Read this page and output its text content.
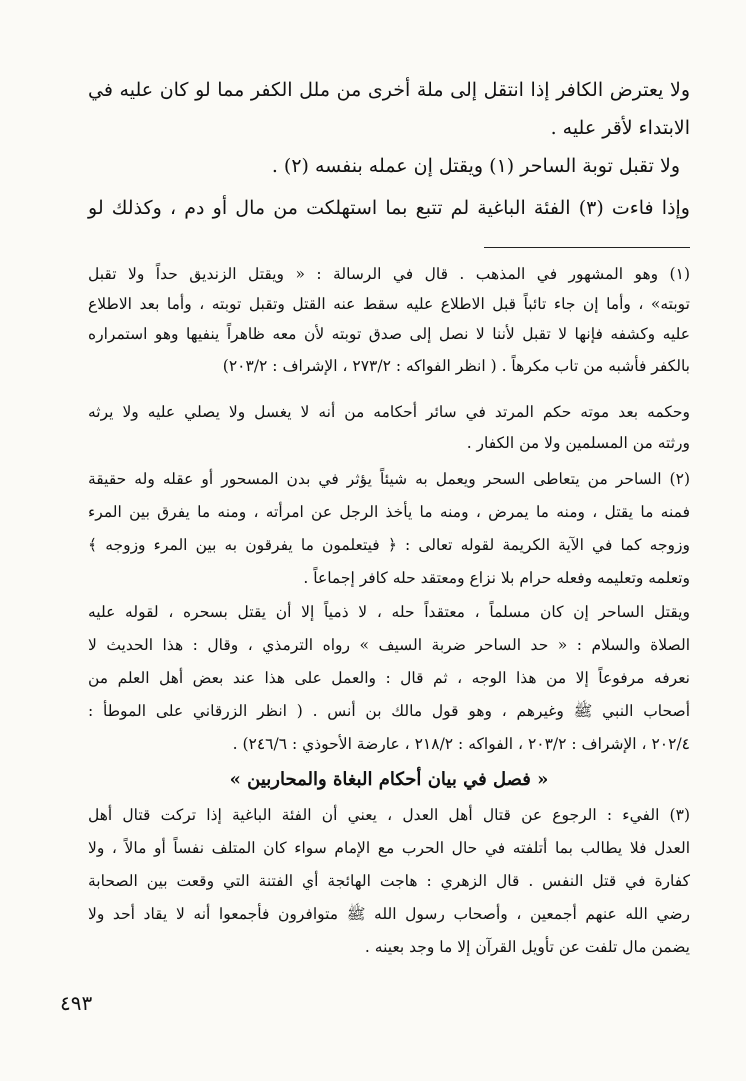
ولا يعترض الكافر إذا انتقل إلى ملة أخرى من ملل الكفر مما لو كان عليه في
الابتداء لأقر عليه .
ولا تقبل توبة الساحر (١) ويقتل إن عمله بنفسه (٢) .
وإذا فاءت (٣) الفئة الباغية لم تتبع بما استهلكت من مال أو دم ، وكذلك لو
(١) وهو المشهور في المذهب . قال في الرسالة : « ويقتل الزنديق حداً ولا تقبل
توبته» ، وأما إن جاء تائباً قبل الاطلاع عليه سقط عنه القتل وتقبل توبته ، وأما بعد الاطلاع
عليه وكشفه فإنها لا تقبل لأننا لا نصل إلى صدق توبته لأن معه ظاهراً ينفيها وهو استمراره
بالكفر فأشبه من تاب مكرهاً . ( انظر الفواكه : ٢٧٣/٢ ، الإشراف : ٢٠٣/٢)
وحكمه بعد موته حكم المرتد في سائر أحكامه من أنه لا يغسل ولا يصلي عليه ولا يرثه
ورثته من المسلمين ولا من الكفار .
(٢) الساحر من يتعاطى السحر ويعمل به شيئاً يؤثر في بدن المسحور أو عقله وله حقيقة
فمنه ما يقتل ، ومنه ما يمرض ، ومنه ما يأخذ الرجل عن امرأته ، ومنه ما يفرق بين المرء
وزوجه كما في الآية الكريمة لقوله تعالى : ﴿ فيتعلمون ما يفرقون به بين المرء وزوجه ﴾
وتعلمه وتعليمه وفعله حرام بلا نزاع ومعتقد حله كافر إجماعاً .
ويقتل الساحر إن كان مسلماً ، معتقداً حله ، لا ذمياً إلا أن يقتل بسحره ، لقوله عليه
الصلاة والسلام : « حد الساحر ضربة السيف » رواه الترمذي ، وقال : هذا الحديث لا
نعرفه مرفوعاً إلا من هذا الوجه ، ثم قال : والعمل على هذا عند بعض أهل العلم من
أصحاب النبي ﷺ وغيرهم ، وهو قول مالك بن أنس . ( انظر الزرقاني على الموطأ :
٢٠٢/٤ ، الإشراف : ٢٠٣/٢ ، الفواكه : ٢١٨/٢ ، عارضة الأحوذي : ٢٤٦/٦) .
« فصل في بيان أحكام البغاة والمحاربين »
(٣) الفيء : الرجوع عن قتال أهل العدل ، يعني أن الفئة الباغية إذا تركت قتال أهل
العدل فلا يطالب بما أتلفته في حال الحرب مع الإمام سواء كان المتلف نفساً أو مالاً ، ولا
كفارة في قتل النفس . قال الزهري : هاجت الهائجة أي الفتنة التي وقعت بين الصحابة
رضي الله عنهم أجمعين ، وأصحاب رسول الله ﷺ متوافرون فأجمعوا أنه لا يقاد أحد ولا
يضمن مال تلفت عن تأويل القرآن إلا ما وجد بعينه .
٤٩٣
